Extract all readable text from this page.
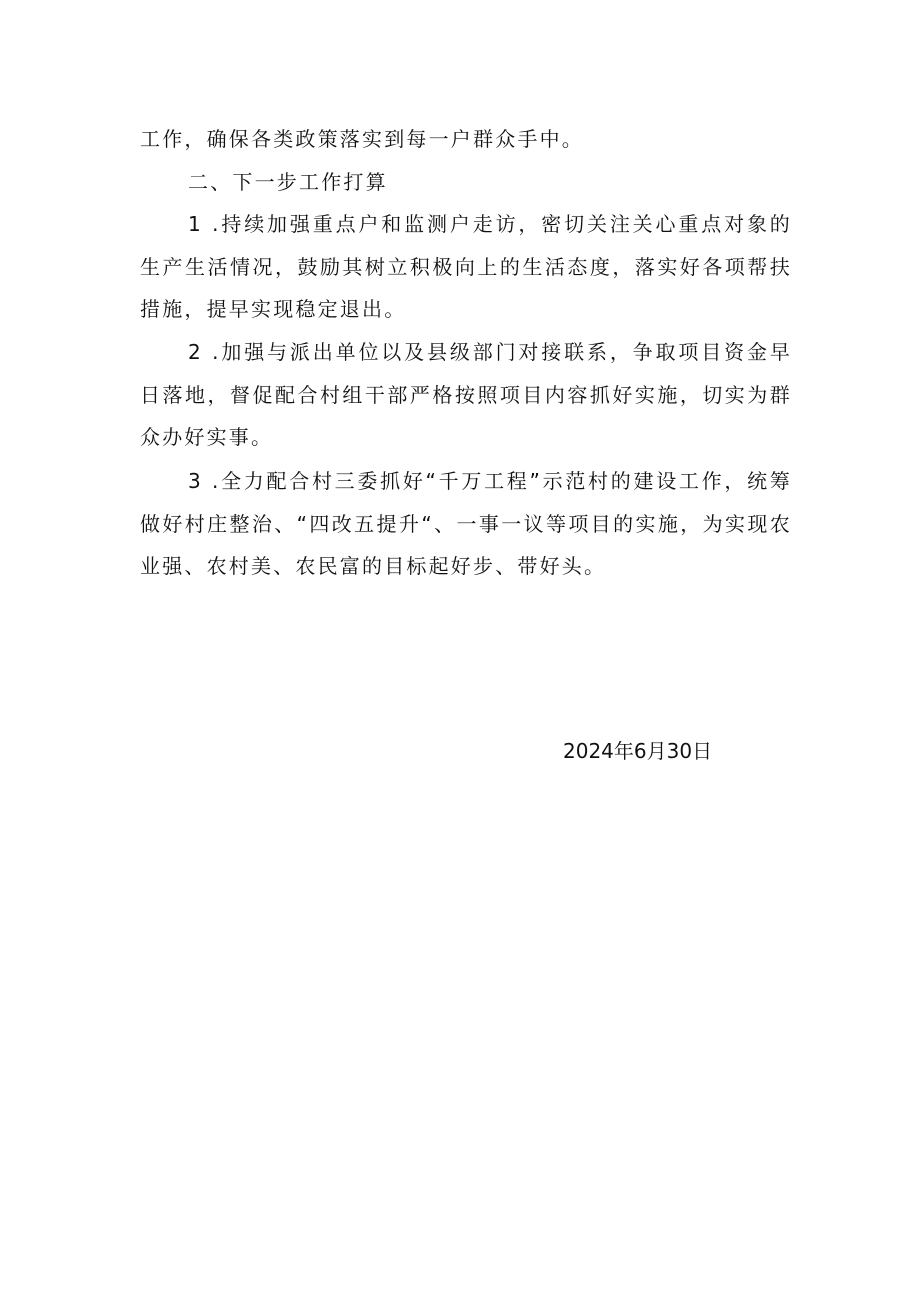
工作，确保各类政策落实到每一户群众手中。
二、下一步工作打算
1 .持续加强重点户和监测户走访，密切关注关心重点对象的生产生活情况，鼓励其树立积极向上的生活态度，落实好各项帮扶措施，提早实现稳定退出。
2 .加强与派出单位以及县级部门对接联系，争取项目资金早日落地，督促配合村组干部严格按照项目内容抓好实施，切实为群众办好实事。
3 .全力配合村三委抓好“千万工程”示范村的建设工作，统筹做好村庄整治、“四改五提升“、一事一议等项目的实施，为实现农业强、农村美、农民富的目标起好步、带好头。
2024年6月30日
